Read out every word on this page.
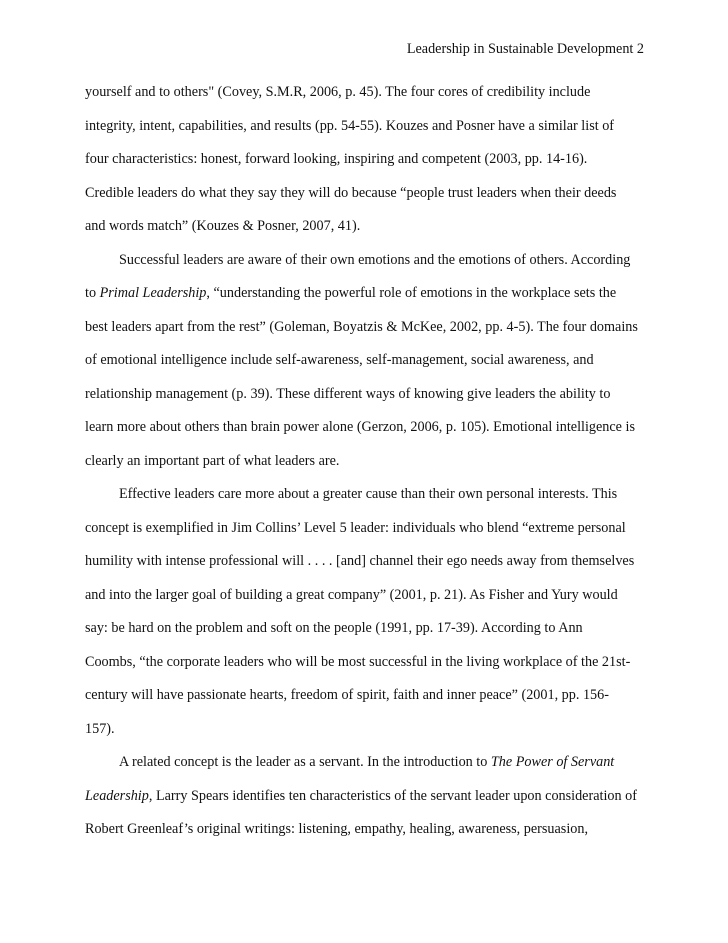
Leadership in Sustainable Development 2
yourself and to others" (Covey, S.M.R, 2006, p. 45). The four cores of credibility include
integrity, intent, capabilities, and results (pp. 54-55). Kouzes and Posner have a similar list of
four characteristics: honest, forward looking, inspiring and competent (2003, pp. 14-16).
Credible leaders do what they say they will do because “people trust leaders when their deeds
and words match” (Kouzes & Posner, 2007, 41).
Successful leaders are aware of their own emotions and the emotions of others. According
to Primal Leadership, “understanding the powerful role of emotions in the workplace sets the
best leaders apart from the rest” (Goleman, Boyatzis & McKee, 2002, pp. 4-5). The four domains
of emotional intelligence include self-awareness, self-management, social awareness, and
relationship management (p. 39). These different ways of knowing give leaders the ability to
learn more about others than brain power alone (Gerzon, 2006, p. 105). Emotional intelligence is
clearly an important part of what leaders are.
Effective leaders care more about a greater cause than their own personal interests. This
concept is exemplified in Jim Collins’ Level 5 leader: individuals who blend “extreme personal
humility with intense professional will . . . . [and] channel their ego needs away from themselves
and into the larger goal of building a great company” (2001, p. 21). As Fisher and Yury would
say: be hard on the problem and soft on the people (1991, pp. 17-39). According to Ann
Coombs, “the corporate leaders who will be most successful in the living workplace of the 21st-
century will have passionate hearts, freedom of spirit, faith and inner peace” (2001, pp. 156-
157).
A related concept is the leader as a servant. In the introduction to The Power of Servant
Leadership, Larry Spears identifies ten characteristics of the servant leader upon consideration of
Robert Greenleaf’s original writings: listening, empathy, healing, awareness, persuasion,
